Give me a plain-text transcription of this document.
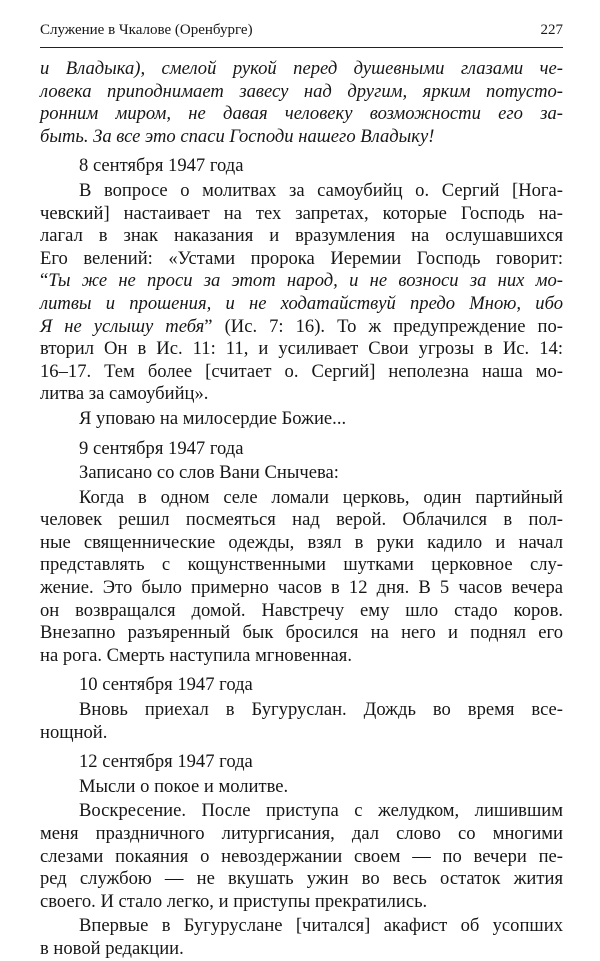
Служение в Чкалове (Оренбурге)	227
и Владыка), смелой рукой перед душевными глазами че-
ловека приподнимает завесу над другим, ярким потусто-
ронним миром, не давая человеку возможности его за-
быть. За все это спаси Господи нашего Владыку!
8 сентября 1947 года
В вопросе о молитвах за самоубийц о. Сергий [Нога-
чевский] настаивает на тех запретах, которые Господь на-
лагал в знак наказания и вразумления на ослушавшихся
Его велений: «Устами пророка Иеремии Господь говорит:
“Ты же не проси за этот народ, и не возноси за них мо-
литвы и прошения, и не ходатайствуй предо Мною, ибо
Я не услышу тебя” (Ис. 7: 16). То ж предупреждение по-
вторил Он в Ис. 11: 11, и усиливает Свои угрозы в Ис. 14:
16–17. Тем более [считает о. Сергий] неполезна наша мо-
литва за самоубийц».
Я уповаю на милосердие Божие...
9 сентября 1947 года
Записано со слов Вани Снычева:
Когда в одном селе ломали церковь, один партийный
человек решил посмеяться над верой. Облачился в пол-
ные священнические одежды, взял в руки кадило и начал
представлять с кощунственными шутками церковное слу-
жение. Это было примерно часов в 12 дня. В 5 часов вечера
он возвращался домой. Навстречу ему шло стадо коров.
Внезапно разъяренный бык бросился на него и поднял его
на рога. Смерть наступила мгновенная.
10 сентября 1947 года
Вновь приехал в Бугуруслан. Дождь во время все-
нощной.
12 сентября 1947 года
Мысли о покое и молитве.
Воскресение. После приступа с желудком, лишившим
меня праздничного литургисания, дал слово со многими
слезами покаяния о невоздержании своем — по вечери пе-
ред службою — не вкушать ужин во весь остаток жития
своего. И стало легко, и приступы прекратились.
Впервые в Бугуруслане [читался] акафист об усопших
в новой редакции.
